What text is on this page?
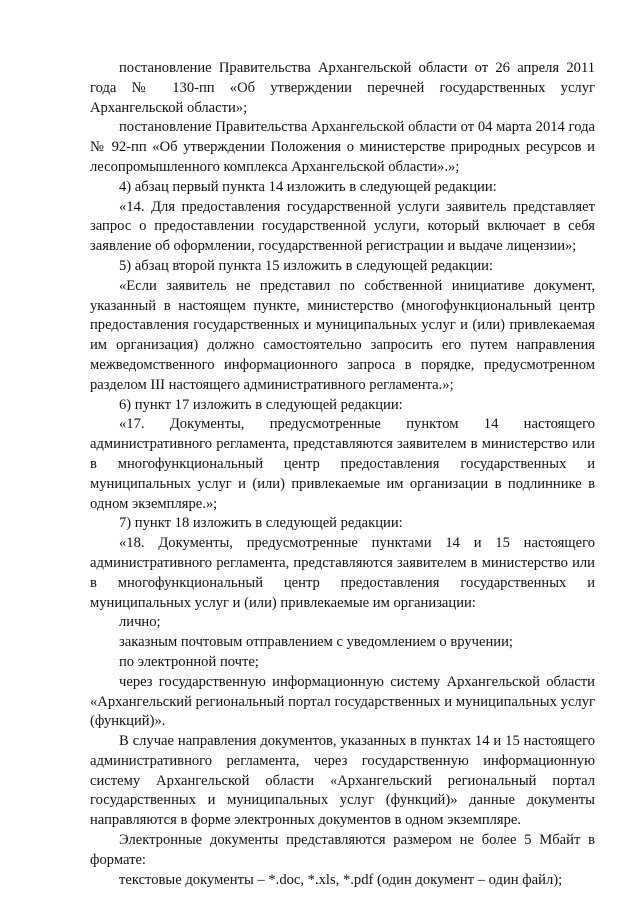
постановление Правительства Архангельской области от 26 апреля 2011 года № 130-пп «Об утверждении перечней государственных услуг Архангельской области»;

постановление Правительства Архангельской области от 04 марта 2014 года № 92-пп «Об утверждении Положения о министерстве природных ресурсов и лесопромышленного комплекса Архангельской области».»;

4) абзац первый пункта 14 изложить в следующей редакции:

«14. Для предоставления государственной услуги заявитель представляет запрос о предоставлении государственной услуги, который включает в себя заявление об оформлении, государственной регистрации и выдаче лицензии»;

5) абзац второй пункта 15 изложить в следующей редакции:

«Если заявитель не представил по собственной инициативе документ, указанный в настоящем пункте, министерство (многофункциональный центр предоставления государственных и муниципальных услуг и (или) привлекаемая им организация) должно самостоятельно запросить его путем направления межведомственного информационного запроса в порядке, предусмотренном разделом III настоящего административного регламента.»;

6) пункт 17 изложить в следующей редакции:

«17. Документы, предусмотренные пунктом 14 настоящего административного регламента, представляются заявителем в министерство или в многофункциональный центр предоставления государственных и муниципальных услуг и (или) привлекаемые им организации в подлиннике в одном экземпляре.»;

7) пункт 18 изложить в следующей редакции:

«18. Документы, предусмотренные пунктами 14 и 15 настоящего административного регламента, представляются заявителем в министерство или в многофункциональный центр предоставления государственных и муниципальных услуг и (или) привлекаемые им организации:

лично;

заказным почтовым отправлением с уведомлением о вручении;

по электронной почте;

через государственную информационную систему Архангельской области «Архангельский региональный портал государственных и муниципальных услуг (функций)».

В случае направления документов, указанных в пунктах 14 и 15 настоящего административного регламента, через государственную информационную систему Архангельской области «Архангельский региональный портал государственных и муниципальных услуг (функций)» данные документы направляются в форме электронных документов в одном экземпляре.

Электронные документы представляются размером не более 5 Мбайт в формате:

текстовые документы – *.doc, *.xls, *.pdf (один документ – один файл);
